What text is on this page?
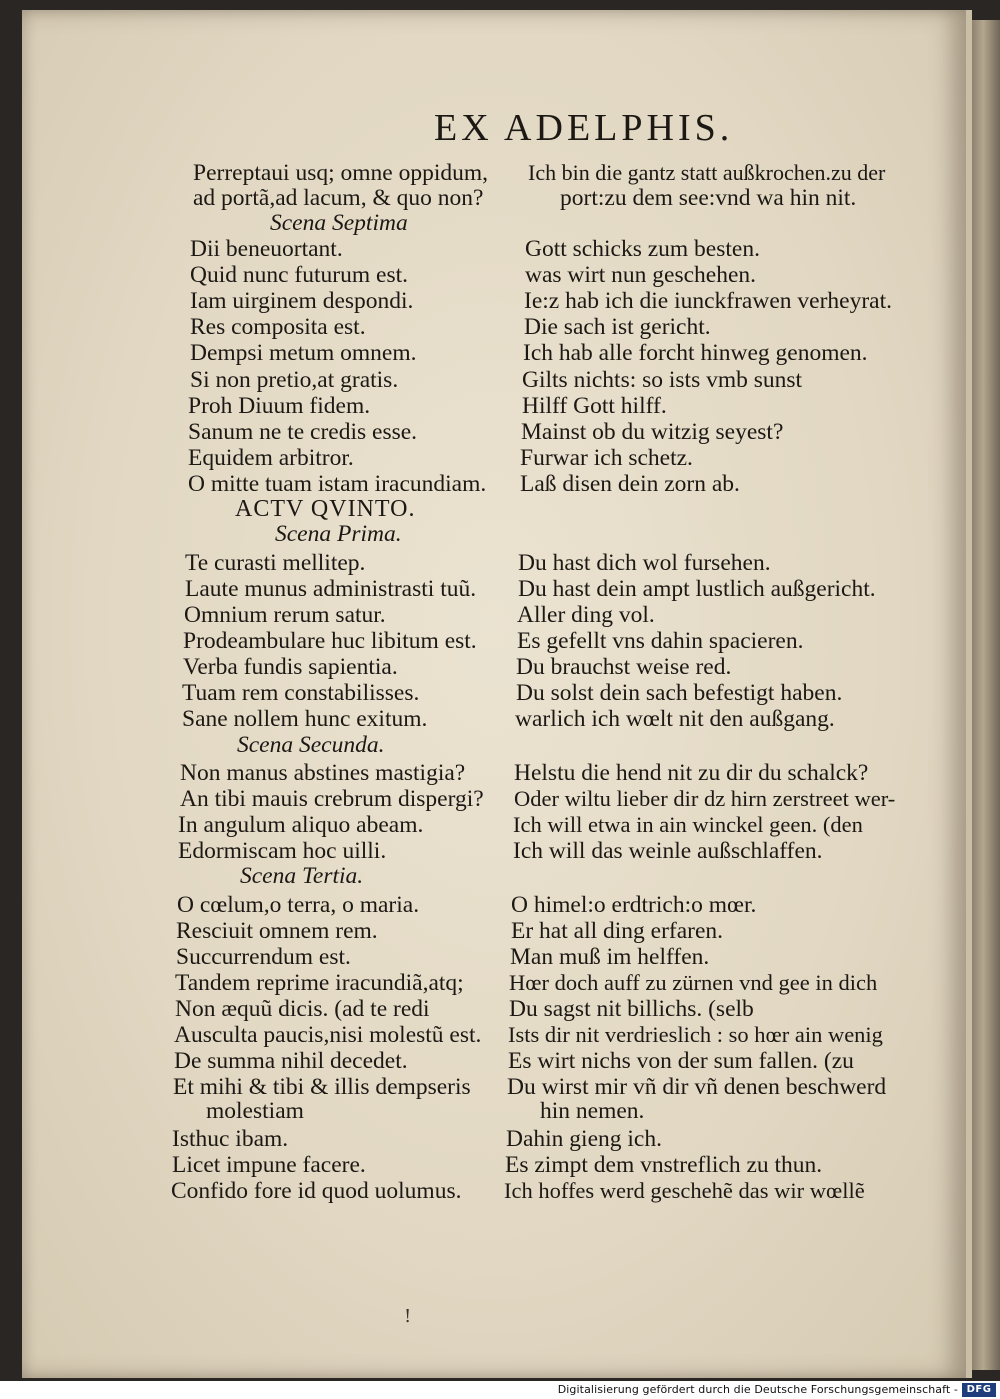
EX ADELPHIS.
Perreptaui usq; omne oppidum,
ad portã,ad lacum, & quo non?
Scena Septima
Dii beneuortant.
Quid nunc futurum est.
Iam uirginem despondi.
Res composita est.
Dempsi metum omnem.
Si non pretio,at gratis.
Proh Diuum fidem.
Sanum ne te credis esse.
Equidem arbitror.
O mitte tuam istam iracundiam.
ACTV QVINTO.
Scena Prima.
Te curasti mellitер.
Laute munus administrasti tuũ.
Omnium rerum satur.
Prodeambulare huc libitum est.
Verba fundis sapientia.
Tuam rem constabilisses.
Sane nollem hunc exitum.
Scena Secunda.
Non manus abstines mastigia?
An tibi mauis crebrum dispergi?
In angulum aliquo abeam.
Edormiscam hoc uilli.
Scena Tertia.
O cœlum,o terra, o maria.
Resciuit omnem rem.
Succurrendum est.
Tandem reprime iracundiã,atq;
Non æquũ dicis. (ad te redi
Ausculta paucis,nisi molestũ est.
De summa nihil decedet.
Et mihi & tibi & illis dempseris
molestiam
Isthuc ibam.
Licet impune facere.
Confido fore id quod uolumus.
Ich bin die gantz statt außkrochen.zu der
port:zu dem see:vnd wa hin nit.
Gott schicks zum besten.
was wirt nun geschehen.
Ie:z hab ich die iunckfrawen verheyrat.
Die sach ist gericht.
Ich hab alle forcht hinweg genomen.
Gilts nichts: so ists vmb sunst
Hilff Gott hilff.
Mainst ob du witzig seyest?
Furwar ich schetz.
Laß disen dein zorn ab.
Du hast dich wol fursehen.
Du hast dein ampt lustlich außgericht.
Aller ding vol.
Es gefellt vns dahin spacieren.
Du brauchst weise red.
Du solst dein sach befestigt haben.
warlich ich wœlt nit den außgang.
Helstu die hend nit zu dir du schalck?
Oder wiltu lieber dir dz hirn zerstreet wer-
Ich will etwa in ain winckel geen. (den
Ich will das weinle außschlaffen.
O himel:o erdtrich:o mœr.
Er hat all ding erfaren.
Man muß im helffen.
Hœr doch auff zu zürnen vnd gee in dich
Du sagst nit billichs. (selb
Ists dir nit verdrieslich : so hœr ain wenig
Es wirt nichs von der sum fallen. (zu
Du wirst mir vñ dir vñ denen beschwerd
hin nemen.
Dahin gieng ich.
Es zimpt dem vnstreflich zu thun.
Ich hoffes werd geschehẽ das wir wœllẽ
!
Digitalisierung gefördert durch die Deutsche Forschungsgemeinschaft - DFG
